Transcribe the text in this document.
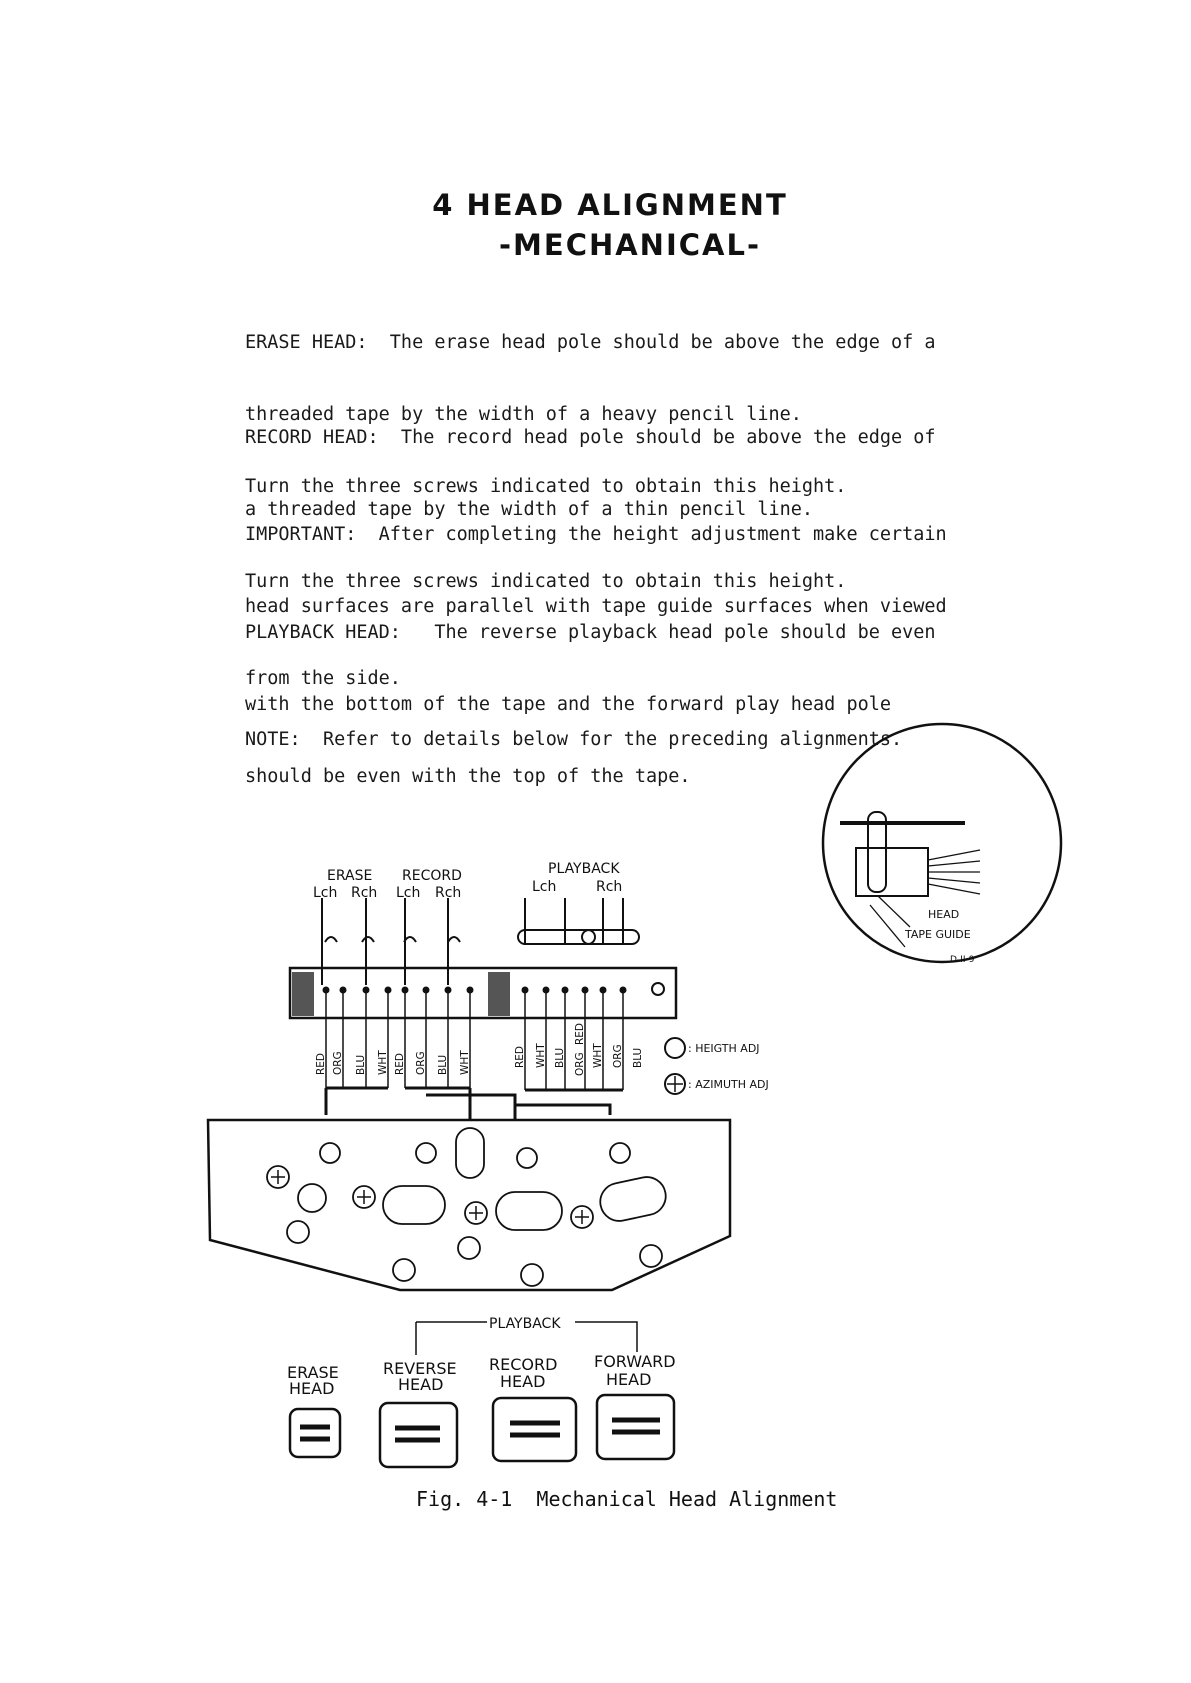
4 HEAD ALIGNMENT
-MECHANICAL-

ERASE HEAD:  The erase head pole should be above the edge of a

threaded tape by the width of a heavy pencil line.

Turn the three screws indicated to obtain this height.

RECORD HEAD:  The record head pole should be above the edge of

a threaded tape by the width of a thin pencil line.

Turn the three screws indicated to obtain this height.

IMPORTANT:  After completing the height adjustment make certain

head surfaces are parallel with tape guide surfaces when viewed

from the side.

PLAYBACK HEAD:   The reverse playback head pole should be even

with the bottom of the tape and the forward play head pole

should be even with the top of the tape.

NOTE:  Refer to details below for the preceding alignments.

ERASE RECORD	PLAYBACK
Lch Rch Lch Rch	Lch	Rch
RED ORG BLU WHT RED ORG BLU WHT	RED WHT BLU ORG
RED
WHT ORG BLU	: HEIGTH ADJ
: AZIMUTH ADJ
HEAD
TAPE GUIDE
D-II-9
PLAYBACK
ERASE
HEAD
REVERSE
HEAD
RECORD
HEAD
FORWARD
HEAD
Fig. 4-1  Mechanical Head Alignment
